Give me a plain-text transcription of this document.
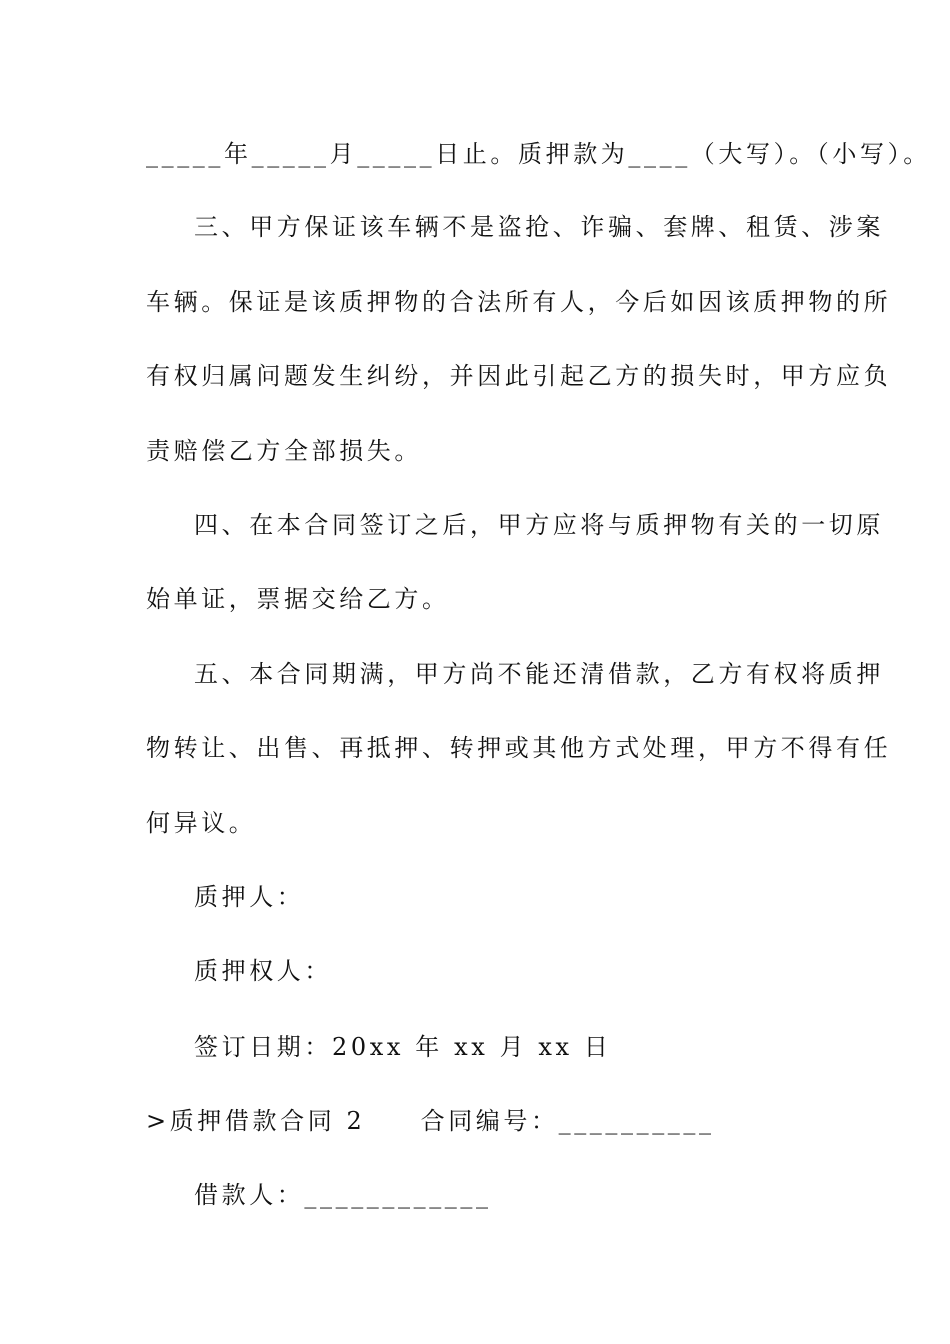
_____年_____月_____日止。质押款为____（大写）。（小写）。
三、甲方保证该车辆不是盗抢、诈骗、套牌、租赁、涉案
车辆。保证是该质押物的合法所有人，今后如因该质押物的所
有权归属问题发生纠纷，并因此引起乙方的损失时，甲方应负
责赔偿乙方全部损失。
四、在本合同签订之后，甲方应将与质押物有关的一切原
始单证，票据交给乙方。
五、本合同期满，甲方尚不能还清借款，乙方有权将质押
物转让、出售、再抵押、转押或其他方式处理，甲方不得有任
何异议。
质押人：
质押权人：
签订日期：20xx 年 xx 月 xx 日
>质押借款合同 2　　合同编号：__________
借款人：____________
